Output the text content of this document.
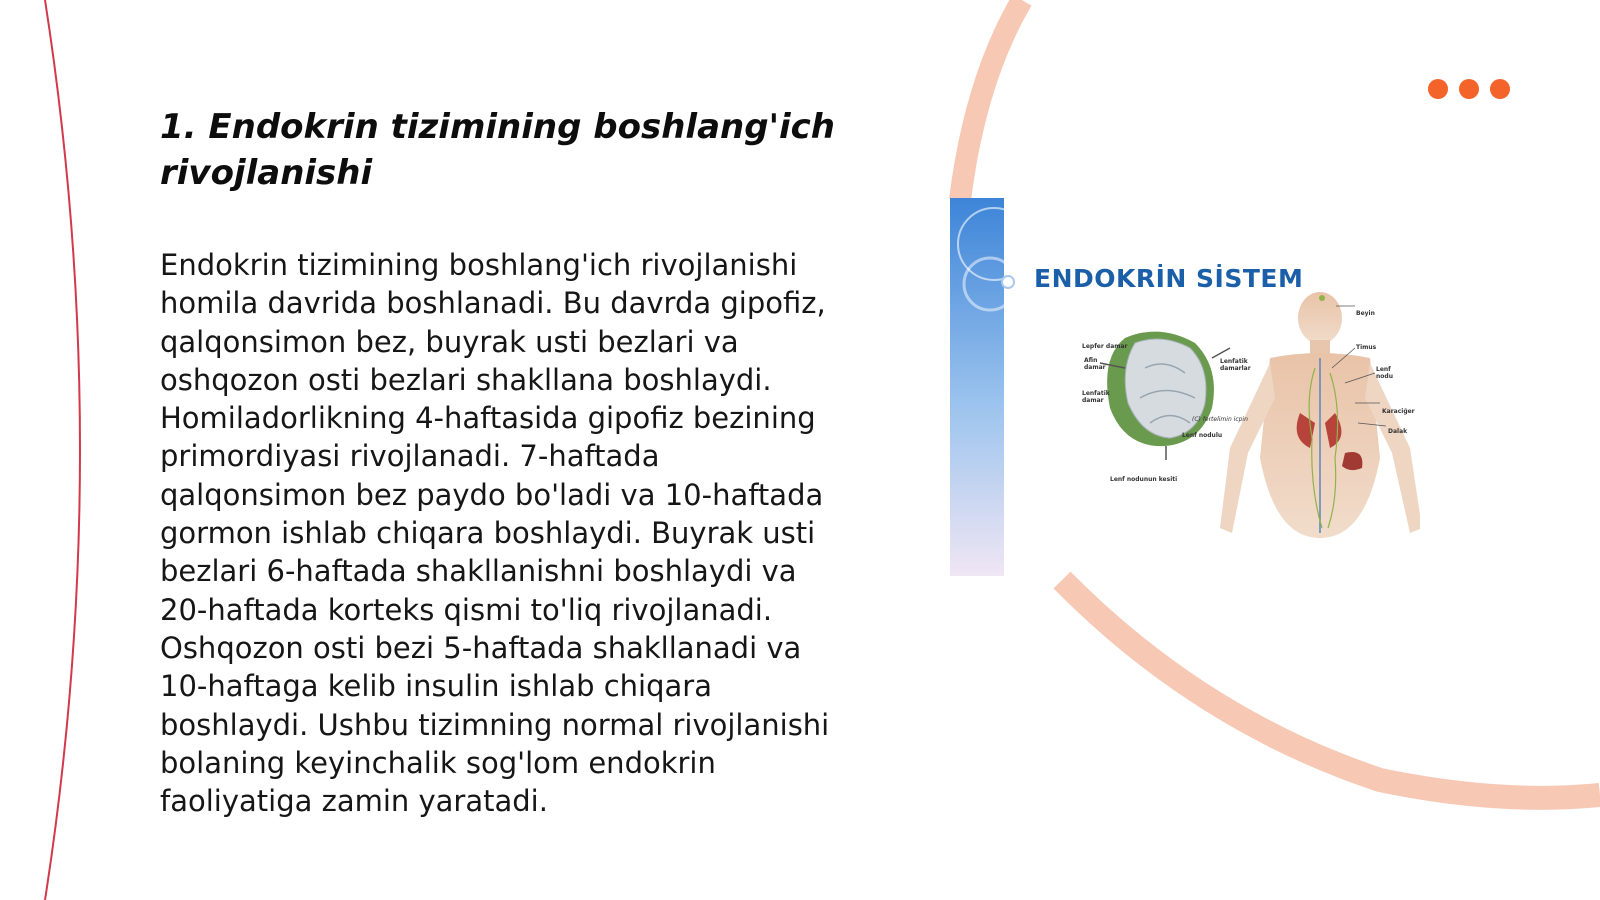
1. Endokrin tizimining boshlang'ich rivojlanishi

Endokrin tizimining boshlang'ich rivojlanishi homila davrida boshlanadi. Bu davrda gipofiz, qalqonsimon bez, buyrak usti bezlari va oshqozon osti bezlari shakllana boshlaydi. Homiladorlikning 4-haftasida gipofiz bezining primordiyasi rivojlanadi. 7-haftada qalqonsimon bez paydo bo'ladi va 10-haftada gormon ishlab chiqara boshlaydi. Buyrak usti bezlari 6-haftada shakllanishni boshlaydi va 20-haftada korteks qismi to'liq rivojlanadi. Oshqozon osti bezi 5-haftada shakllanadi va 10-haftaga kelib insulin ishlab chiqara boshlaydi. Ushbu tizimning normal rivojlanishi bolaning keyinchalik sog'lom endokrin faoliyatiga zamin yaratadi.

ENDOKRİN SİSTEM
Lepfer damar
Afin damar
Lenfatik damar
Lenfatik damarlar
(C) fertelimin icpin
Lenf nodulu
Lenf nodunun kesiti
Beyin
Timus
Lenf nodu
Karaciğer
Dalak
